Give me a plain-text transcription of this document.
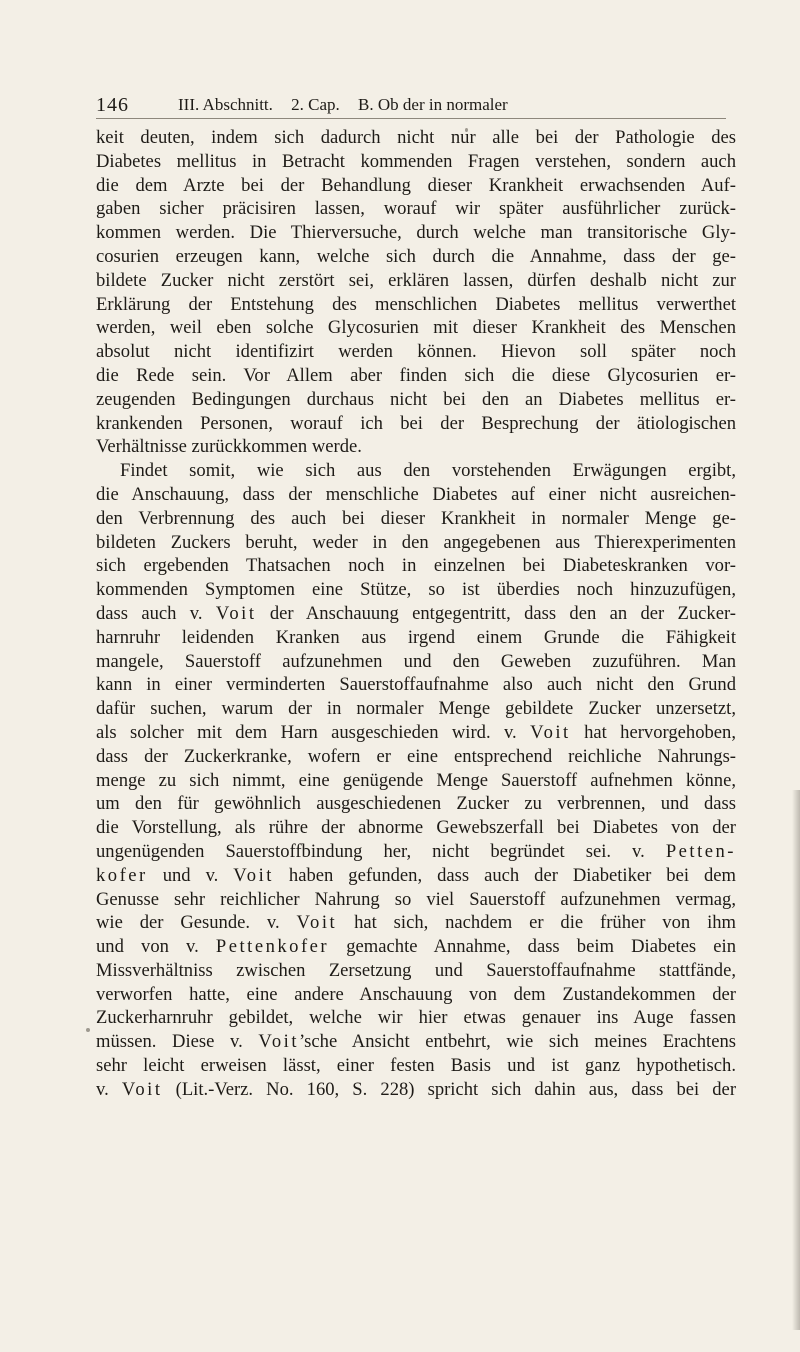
146	III. Abschnitt. 2. Cap. B. Ob der in normaler
keit deuten, indem sich dadurch nicht nur alle bei der Pathologie des
Diabetes mellitus in Betracht kommenden Fragen verstehen, sondern auch
die dem Arzte bei der Behandlung dieser Krankheit erwachsenden Auf-
gaben sicher präcisiren lassen, worauf wir später ausführlicher zurück-
kommen werden. Die Thierversuche, durch welche man transitorische Gly-
cosurien erzeugen kann, welche sich durch die Annahme, dass der ge-
bildete Zucker nicht zerstört sei, erklären lassen, dürfen deshalb nicht zur
Erklärung der Entstehung des menschlichen Diabetes mellitus verwerthet
werden, weil eben solche Glycosurien mit dieser Krankheit des Menschen
absolut nicht identifizirt werden können. Hievon soll später noch
die Rede sein. Vor Allem aber finden sich die diese Glycosurien er-
zeugenden Bedingungen durchaus nicht bei den an Diabetes mellitus er-
krankenden Personen, worauf ich bei der Besprechung der ätiologischen
Verhältnisse zurückkommen werde.
Findet somit, wie sich aus den vorstehenden Erwägungen ergibt,
die Anschauung, dass der menschliche Diabetes auf einer nicht ausreichen-
den Verbrennung des auch bei dieser Krankheit in normaler Menge ge-
bildeten Zuckers beruht, weder in den angegebenen aus Thierexperimenten
sich ergebenden Thatsachen noch in einzelnen bei Diabeteskranken vor-
kommenden Symptomen eine Stütze, so ist überdies noch hinzuzufügen,
dass auch v. Voit der Anschauung entgegentritt, dass den an der Zucker-
harnruhr leidenden Kranken aus irgend einem Grunde die Fähigkeit
mangele, Sauerstoff aufzunehmen und den Geweben zuzuführen. Man
kann in einer verminderten Sauerstoffaufnahme also auch nicht den Grund
dafür suchen, warum der in normaler Menge gebildete Zucker unzersetzt,
als solcher mit dem Harn ausgeschieden wird. v. Voit hat hervorgehoben,
dass der Zuckerkranke, wofern er eine entsprechend reichliche Nahrungs-
menge zu sich nimmt, eine genügende Menge Sauerstoff aufnehmen könne,
um den für gewöhnlich ausgeschiedenen Zucker zu verbrennen, und dass
die Vorstellung, als rühre der abnorme Gewebszerfall bei Diabetes von der
ungenügenden Sauerstoffbindung her, nicht begründet sei. v. Petten-
kofer und v. Voit haben gefunden, dass auch der Diabetiker bei dem
Genusse sehr reichlicher Nahrung so viel Sauerstoff aufzunehmen vermag,
wie der Gesunde. v. Voit hat sich, nachdem er die früher von ihm
und von v. Pettenkofer gemachte Annahme, dass beim Diabetes ein
Missverhältniss zwischen Zersetzung und Sauerstoffaufnahme stattfände,
verworfen hatte, eine andere Anschauung von dem Zustandekommen der
Zuckerharnruhr gebildet, welche wir hier etwas genauer ins Auge fassen
müssen. Diese v. Voit’sche Ansicht entbehrt, wie sich meines Erachtens
sehr leicht erweisen lässt, einer festen Basis und ist ganz hypothetisch.
v. Voit (Lit.-Verz. No. 160, S. 228) spricht sich dahin aus, dass bei der
